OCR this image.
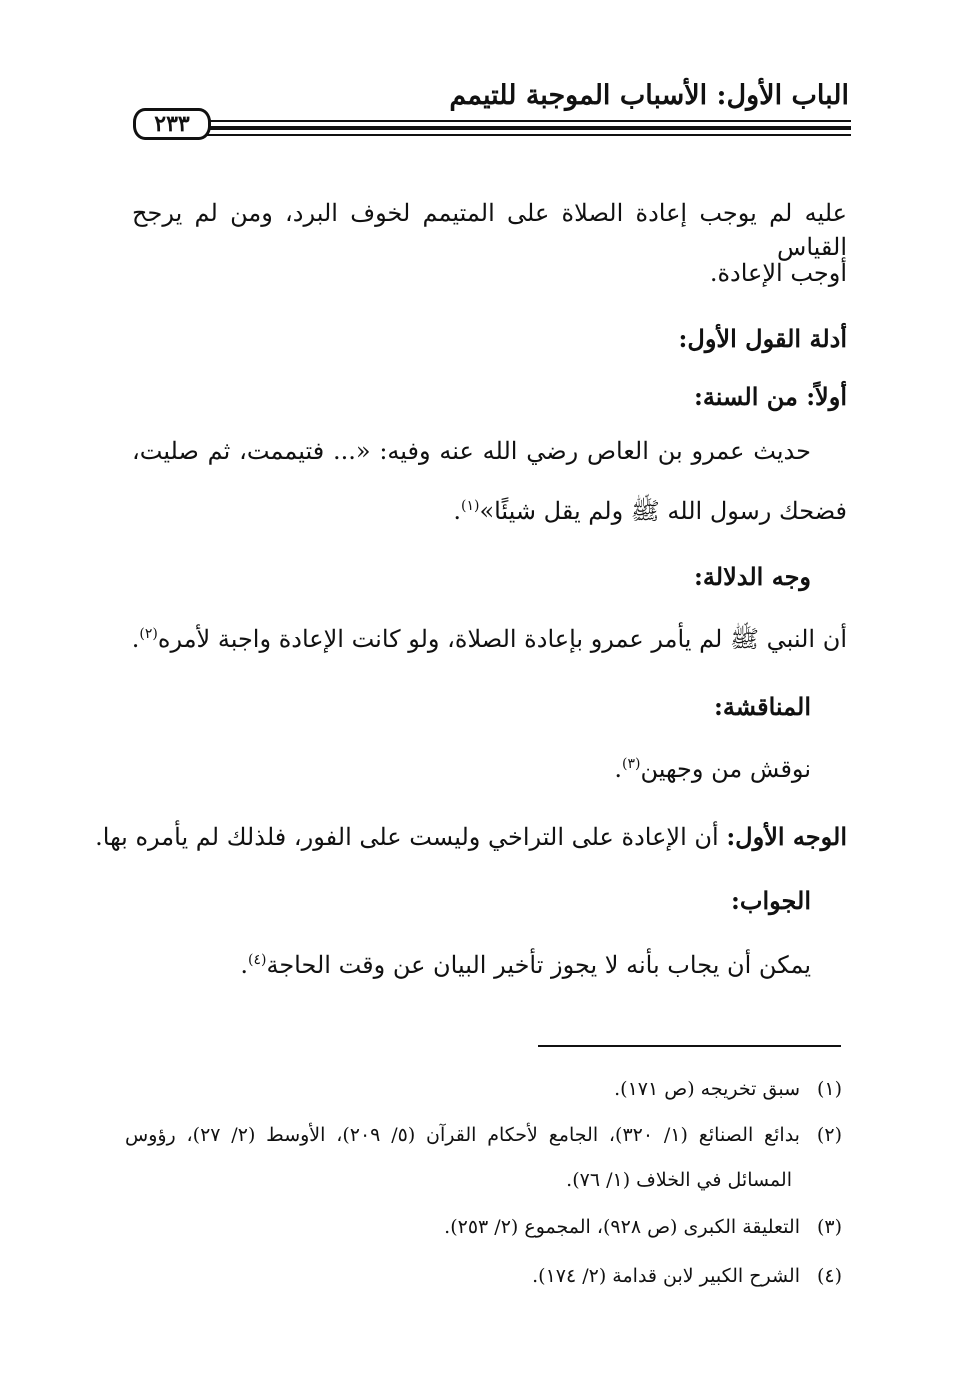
الباب الأول: الأسباب الموجبة للتيمم
٢٣٣

عليه لم يوجب إعادة الصلاة على المتيمم لخوف البرد، ومن لم يرجح القياس

أوجب الإعادة.

أدلة القول الأول:

أولاً: من السنة:

حديث عمرو بن العاص رضي الله عنه وفيه: «... فتيممت، ثم صليت،

فضحك رسول الله ﷺ ولم يقل شيئًا»$^{(١)}$.

وجه الدلالة:

أن النبي ﷺ لم يأمر عمرو بإعادة الصلاة، ولو كانت الإعادة واجبة لأمره$^{(٢)}$.

المناقشة:

نوقش من وجهين$^{(٣)}$.

الوجه الأول: أن الإعادة على التراخي وليست على الفور، فلذلك لم يأمره بها.

الجواب:

يمكن أن يجاب بأنه لا يجوز تأخير البيان عن وقت الحاجة$^{(٤)}$.

(١)سبق تخريجه (ص ١٧١).

(٢)بدائع الصنائع (١/ ٣٢٠)، الجامع لأحكام القرآن (٥/ ٢٠٩)، الأوسط (٢/ ٢٧)، رؤوس

المسائل في الخلاف (١/ ٧٦).

(٣)التعليقة الكبرى (ص ٩٢٨)، المجموع (٢/ ٢٥٣).

(٤)الشرح الكبير لابن قدامة (٢/ ١٧٤).
